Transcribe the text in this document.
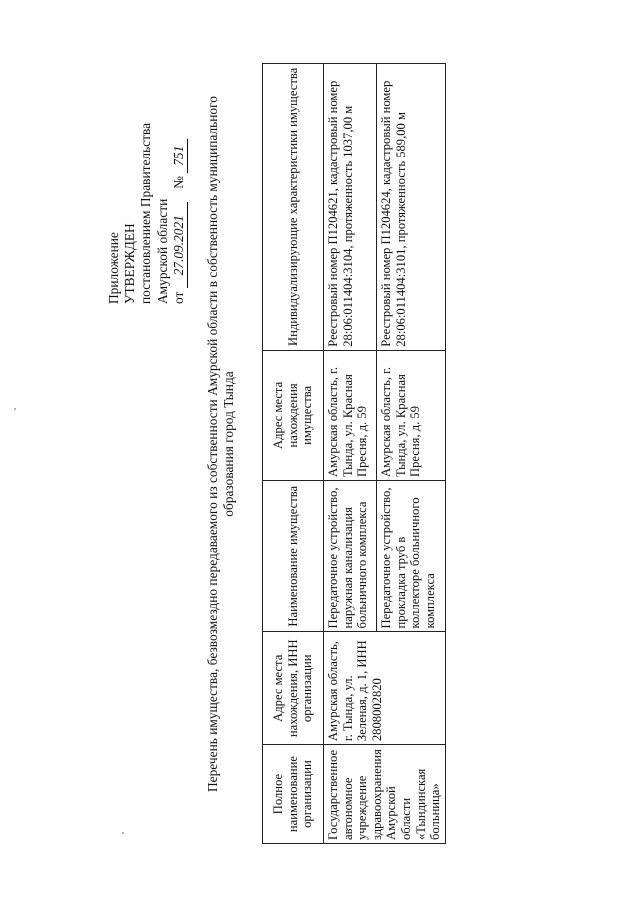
Приложение УТВЕРЖДЕН постановлением Правительства Амурской области от 27.09.2021    № 751 Перечень имущества, безвозмездно передаваемого из собственности Амурской области в собственность муниципального образования город Тында
Полное наименование организации	Адрес места нахождения, ИНН организации	Наименование имущества	Адрес места нахождения имущества	Индивидуализирующие характеристики имущества
Государственное автономное учреждение здравоохранения Амурской области «Тындинская больница»	Амурская область, г. Тында, ул. Зеленая, д. 1, ИНН 2808002820	Передаточное устройство, наружная канализация больничного комплекса	Амурская область, г. Тында, ул. Красная Пресня, д. 59	Реестровый номер П1204621, кадастровый номер 28:06:011404:3104, протяженность 1037,00 м
		Передаточное устройство, прокладка труб в коллекторе больничного комплекса	Амурская область, г. Тында, ул. Красная Пресня, д. 59	Реестровый номер П1204624, кадастровый номер 28:06:011404:3101, протяженность 589,00 м
